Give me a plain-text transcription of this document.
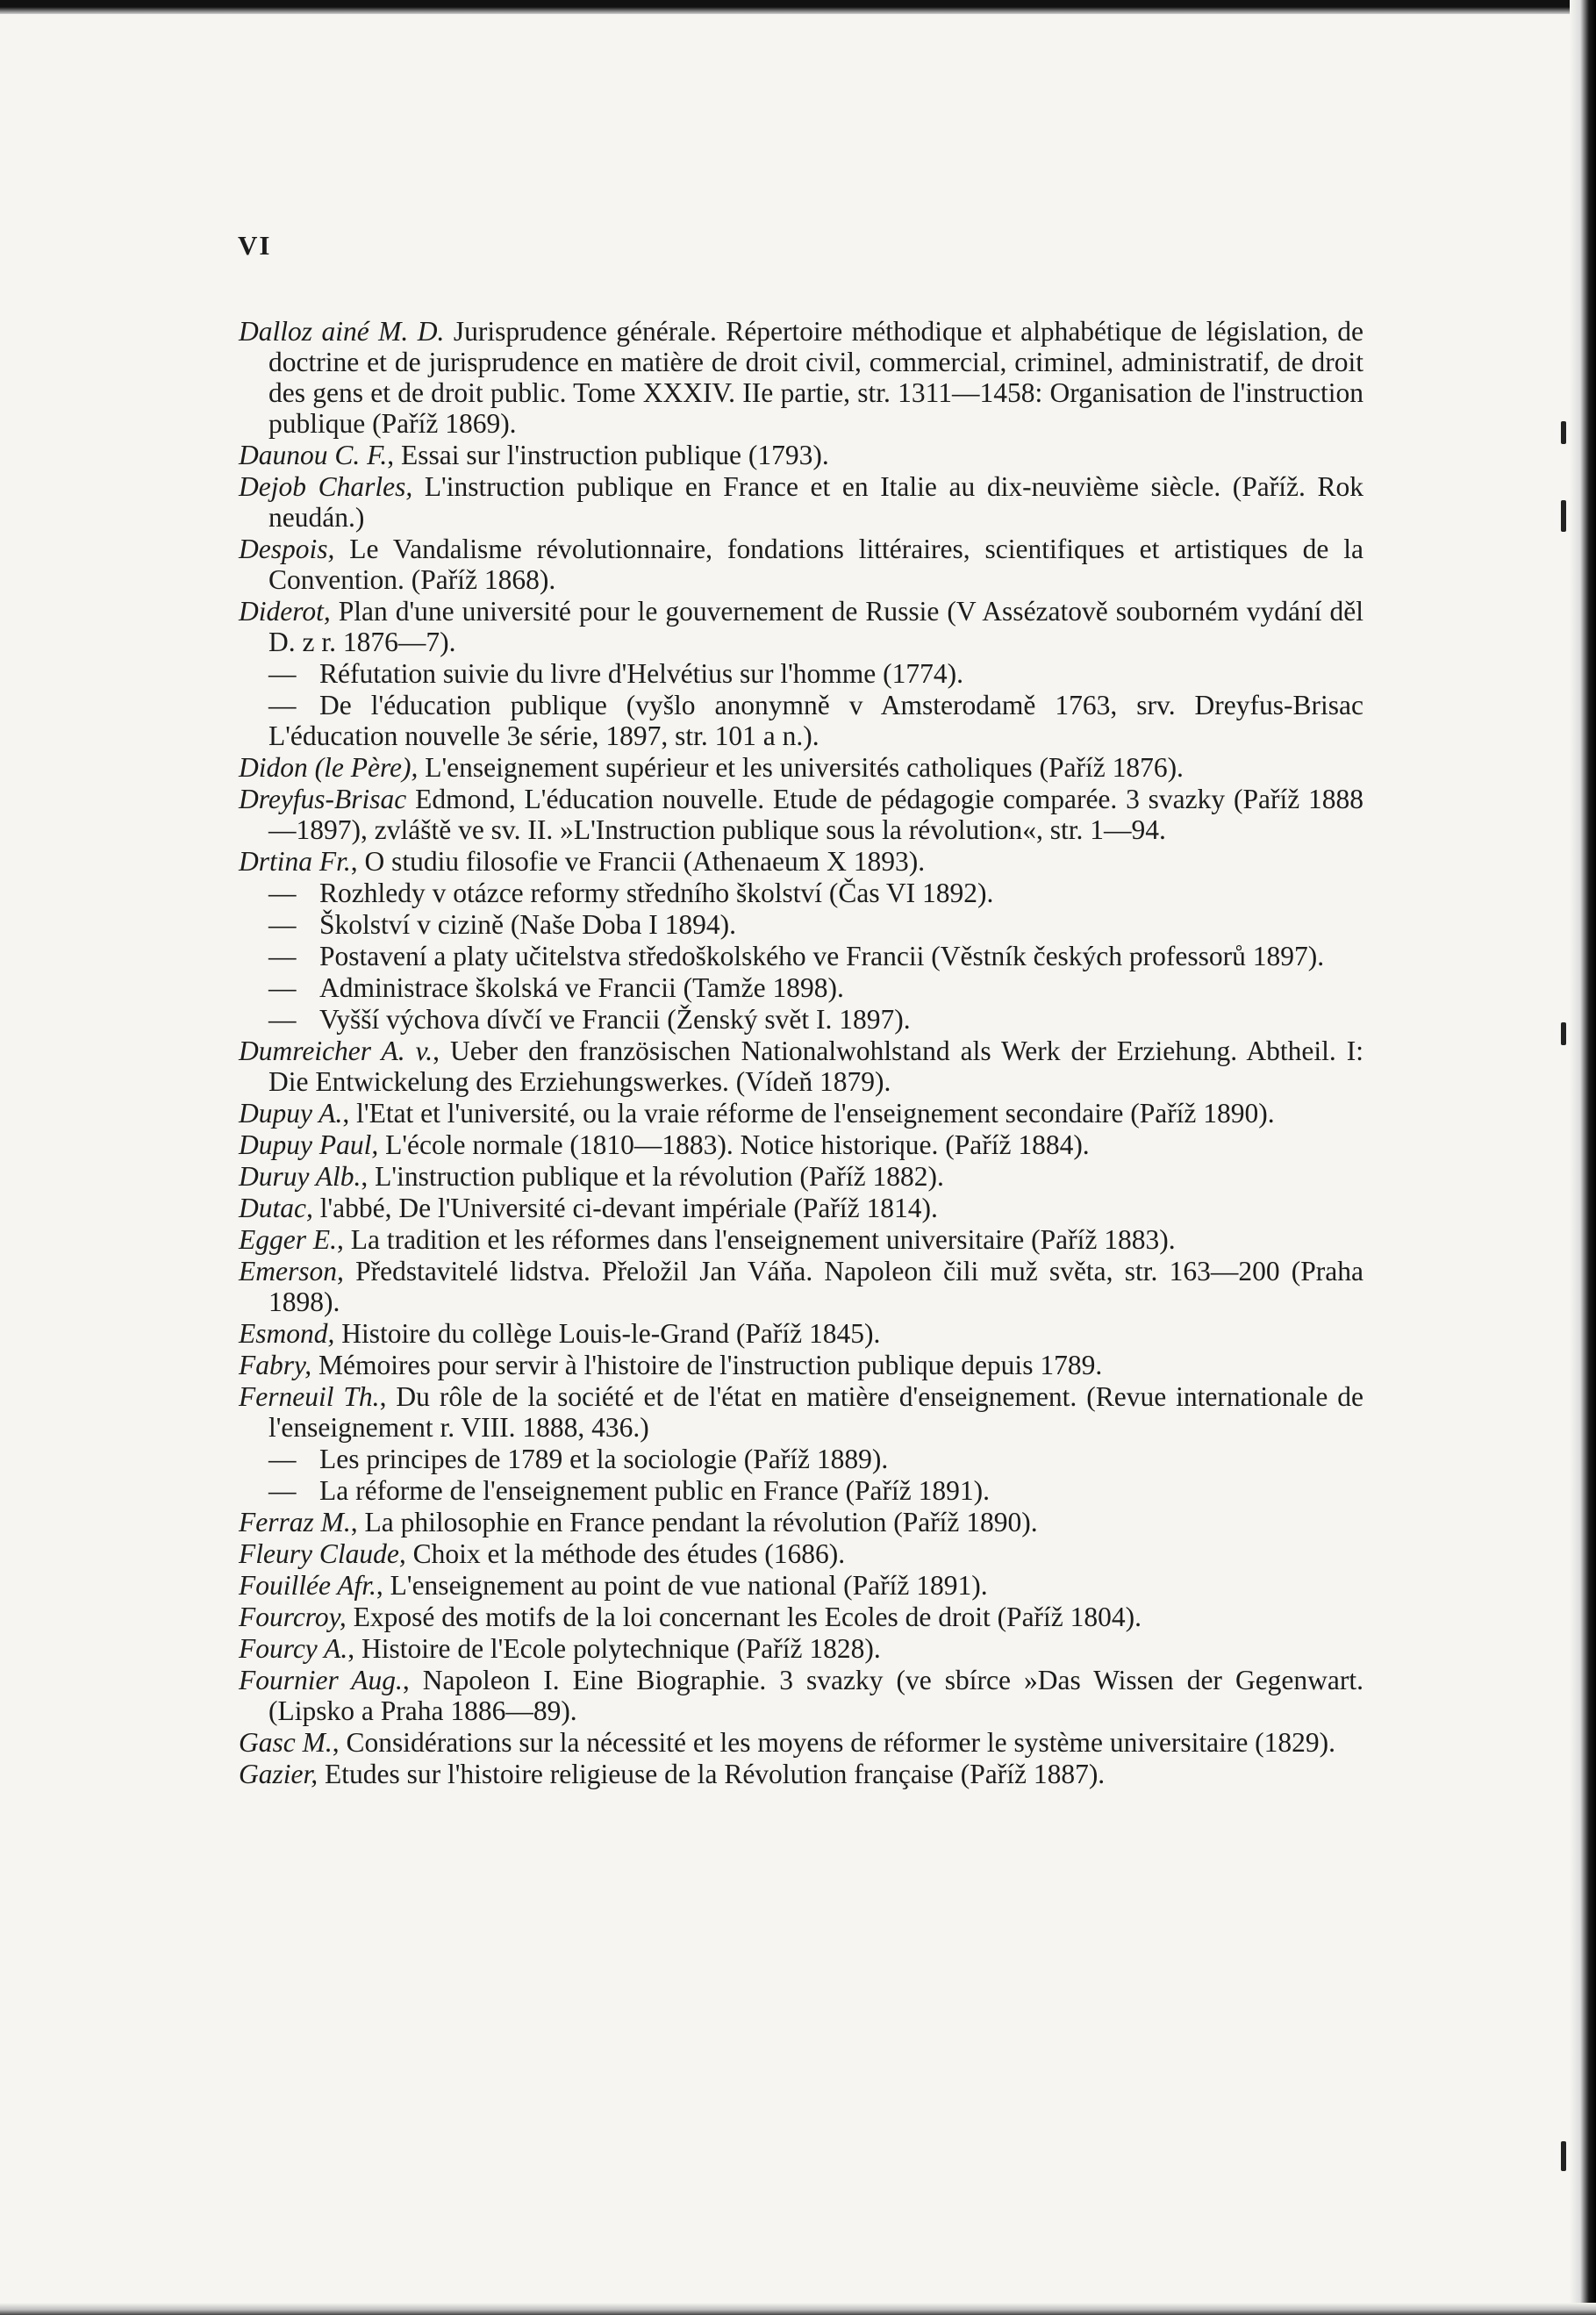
VI

Dalloz ainé M. D. Jurisprudence générale. Répertoire méthodique et alphabétique de législation, de doctrine et de jurisprudence en matière de droit civil, commercial, criminel, administratif, de droit des gens et de droit public. Tome XXXIV. IIe partie, str. 1311—1458: Organisation de l'instruction publique (Paříž 1869).

Daunou C. F., Essai sur l'instruction publique (1793).

Dejob Charles, L'instruction publique en France et en Italie au dix-neuvième siècle. (Paříž. Rok neudán.)

Despois, Le Vandalisme révolutionnaire, fondations littéraires, scientifiques et artistiques de la Convention. (Paříž 1868).

Diderot, Plan d'une université pour le gouvernement de Russie (V Assézatově souborném vydání děl D. z r. 1876—7).

— Réfutation suivie du livre d'Helvétius sur l'homme (1774).

— De l'éducation publique (vyšlo anonymně v Amsterodamě 1763, srv. Dreyfus-Brisac L'éducation nouvelle 3e série, 1897, str. 101 a n.).

Didon (le Père), L'enseignement supérieur et les universités catholiques (Paříž 1876).

Dreyfus-Brisac Edmond, L'éducation nouvelle. Etude de pédagogie comparée. 3 svazky (Paříž 1888—1897), zvláště ve sv. II. »L'Instruction publique sous la révolution«, str. 1—94.

Drtina Fr., O studiu filosofie ve Francii (Athenaeum X 1893).

— Rozhledy v otázce reformy středního školství (Čas VI 1892).

— Školství v cizině (Naše Doba I 1894).

— Postavení a platy učitelstva středoškolského ve Francii (Věstník českých professorů 1897).

— Administrace školská ve Francii (Tamže 1898).

— Vyšší výchova dívčí ve Francii (Ženský svět I. 1897).

Dumreicher A. v., Ueber den französischen Nationalwohlstand als Werk der Erziehung. Abtheil. I: Die Entwickelung des Erziehungswerkes. (Vídeň 1879).

Dupuy A., l'Etat et l'université, ou la vraie réforme de l'enseignement secondaire (Paříž 1890).

Dupuy Paul, L'école normale (1810—1883). Notice historique. (Paříž 1884).

Duruy Alb., L'instruction publique et la révolution (Paříž 1882).

Dutac, l'abbé, De l'Université ci-devant impériale (Paříž 1814).

Egger E., La tradition et les réformes dans l'enseignement universitaire (Paříž 1883).

Emerson, Představitelé lidstva. Přeložil Jan Váňa. Napoleon čili muž světa, str. 163—200 (Praha 1898).

Esmond, Histoire du collège Louis-le-Grand (Paříž 1845).

Fabry, Mémoires pour servir à l'histoire de l'instruction publique depuis 1789.

Ferneuil Th., Du rôle de la société et de l'état en matière d'enseignement. (Revue internationale de l'enseignement r. VIII. 1888, 436.)

— Les principes de 1789 et la sociologie (Paříž 1889).

— La réforme de l'enseignement public en France (Paříž 1891).

Ferraz M., La philosophie en France pendant la révolution (Paříž 1890).

Fleury Claude, Choix et la méthode des études (1686).

Fouillée Afr., L'enseignement au point de vue national (Paříž 1891).

Fourcroy, Exposé des motifs de la loi concernant les Ecoles de droit (Paříž 1804).

Fourcy A., Histoire de l'Ecole polytechnique (Paříž 1828).

Fournier Aug., Napoleon I. Eine Biographie. 3 svazky (ve sbírce »Das Wissen der Gegenwart. (Lipsko a Praha 1886—89).

Gasc M., Considérations sur la nécessité et les moyens de réformer le système universitaire (1829).

Gazier, Etudes sur l'histoire religieuse de la Révolution française (Paříž 1887).
